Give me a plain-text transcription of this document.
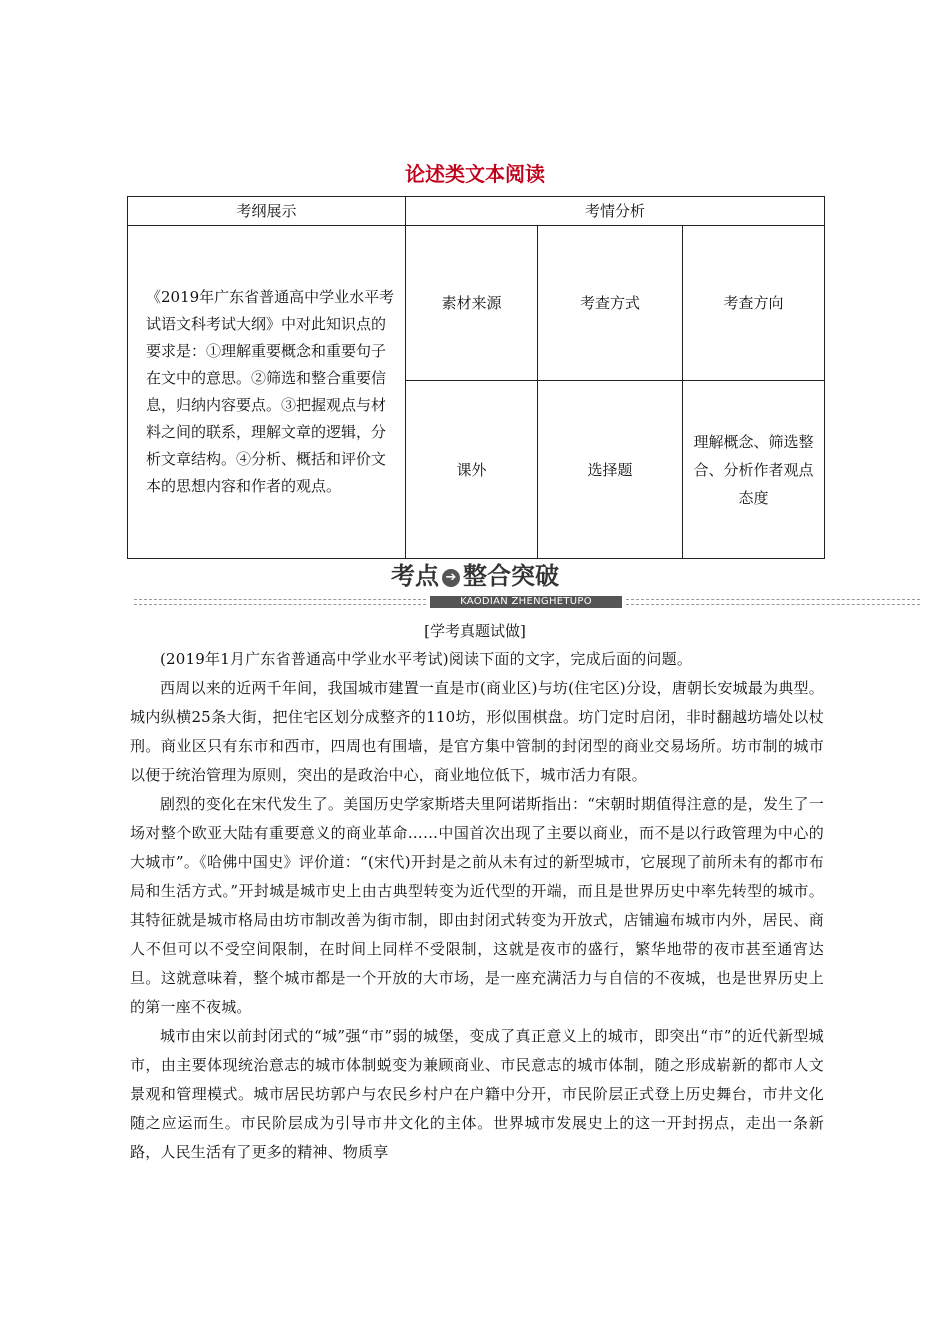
论述类文本阅读
考纲展示	考情分析		
《2019年广东省普通高中学业水平考试语文科考试大纲》中对此知识点的要求是：①理解重要概念和重要句子在文中的意思。②筛选和整合重要信息，归纳内容要点。③把握观点与材料之间的联系，理解文章的逻辑，分析文章结构。④分析、概括和评价文本的思想内容和作者的观点。	素材来源	考查方式	考查方向
	课外	选择题	理解概念、筛选整合、分析作者观点态度
考点 ➔ 整合突破
KAODIAN ZHENGHETUPO
[学考真题试做]

(2019年1月广东省普通高中学业水平考试)阅读下面的文字，完成后面的问题。

西周以来的近两千年间，我国城市建置一直是市(商业区)与坊(住宅区)分设，唐朝长安城最为典型。城内纵横25条大街，把住宅区划分成整齐的110坊，形似围棋盘。坊门定时启闭，非时翻越坊墙处以杖刑。商业区只有东市和西市，四周也有围墙，是官方集中管制的封闭型的商业交易场所。坊市制的城市以便于统治管理为原则，突出的是政治中心，商业地位低下，城市活力有限。

剧烈的变化在宋代发生了。美国历史学家斯塔夫里阿诺斯指出：“宋朝时期值得注意的是，发生了一场对整个欧亚大陆有重要意义的商业革命……中国首次出现了主要以商业，而不是以行政管理为中心的大城市”。《哈佛中国史》评价道：“(宋代)开封是之前从未有过的新型城市，它展现了前所未有的都市布局和生活方式。”开封城是城市史上由古典型转变为近代型的开端，而且是世界历史中率先转型的城市。其特征就是城市格局由坊市制改善为街市制，即由封闭式转变为开放式，店铺遍布城市内外，居民、商人不但可以不受空间限制，在时间上同样不受限制，这就是夜市的盛行，繁华地带的夜市甚至通宵达旦。这就意味着，整个城市都是一个开放的大市场，是一座充满活力与自信的不夜城，也是世界历史上的第一座不夜城。

城市由宋以前封闭式的“城”强“市”弱的城堡，变成了真正意义上的城市，即突出“市”的近代新型城市，由主要体现统治意志的城市体制蜕变为兼顾商业、市民意志的城市体制，随之形成崭新的都市人文景观和管理模式。城市居民坊郭户与农民乡村户在户籍中分开，市民阶层正式登上历史舞台，市井文化随之应运而生。市民阶层成为引导市井文化的主体。世界城市发展史上的这一开封拐点，走出一条新路，人民生活有了更多的精神、物质享
